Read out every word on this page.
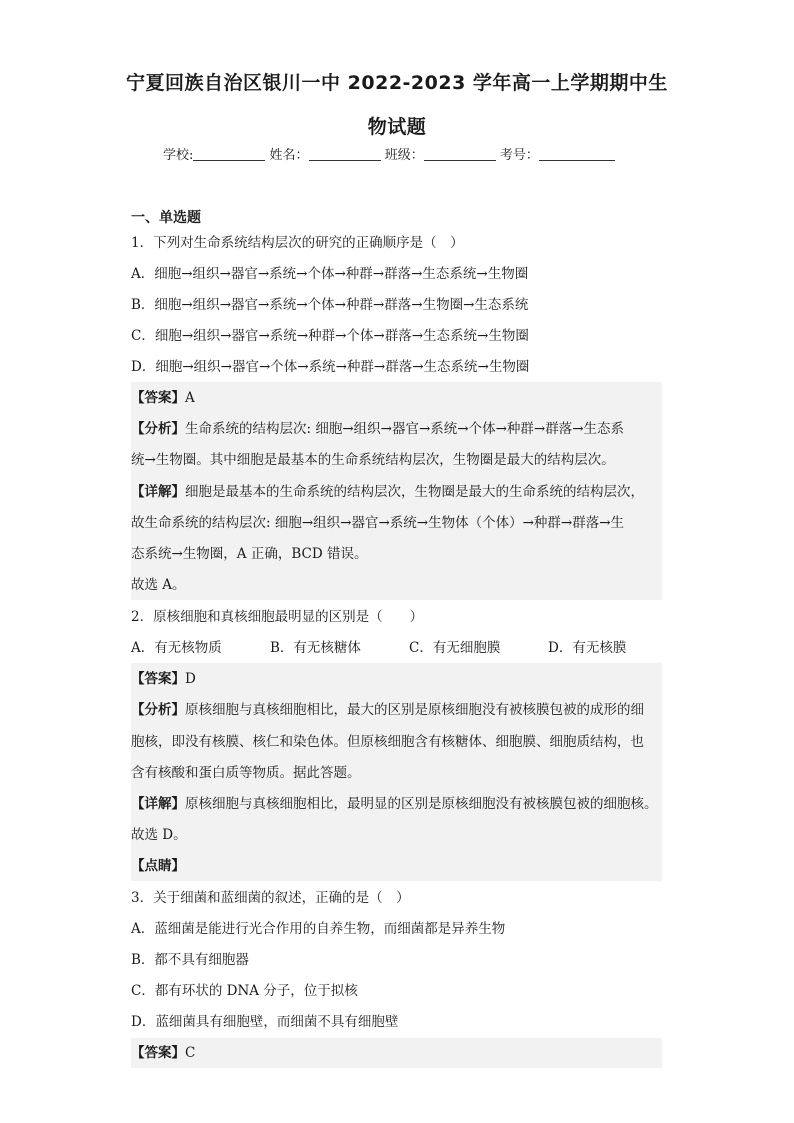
宁夏回族自治区银川一中 2022-2023 学年高一上学期期中生
物试题
学校:	姓名：	班级：	考号：
一、单选题
1．下列对生命系统结构层次的研究的正确顺序是（　）
A．细胞→组织→器官→系统→个体→种群→群落→生态系统→生物圈
B．细胞→组织→器官→系统→个体→种群→群落→生物圈→生态系统
C．细胞→组织→器官→系统→种群→个体→群落→生态系统→生物圈
D．细胞→组织→器官→个体→系统→种群→群落→生态系统→生物圈
【答案】A
【分析】生命系统的结构层次: 细胞→组织→器官→系统→个体→种群→群落→生态系
统→生物圈。其中细胞是最基本的生命系统结构层次，生物圈是最大的结构层次。
【详解】细胞是最基本的生命系统的结构层次，生物圈是最大的生命系统的结构层次，
故生命系统的结构层次: 细胞→组织→器官→系统→生物体（个体）→种群→群落→生
态系统→生物圈，A 正确，BCD 错误。
故选 A。
2．原核细胞和真核细胞最明显的区别是（　　）
A．有无核物质	B．有无核糖体	C．有无细胞膜	D．有无核膜
【答案】D
【分析】原核细胞与真核细胞相比，最大的区别是原核细胞没有被核膜包被的成形的细
胞核，即没有核膜、核仁和染色体。但原核细胞含有核糖体、细胞膜、细胞质结构，也
含有核酸和蛋白质等物质。据此答题。
【详解】原核细胞与真核细胞相比，最明显的区别是原核细胞没有被核膜包被的细胞核。
故选 D。
【点睛】
3．关于细菌和蓝细菌的叙述，正确的是（　）
A．蓝细菌是能进行光合作用的自养生物，而细菌都是异养生物
B．都不具有细胞器
C．都有环状的 DNA 分子，位于拟核
D．蓝细菌具有细胞壁，而细菌不具有细胞壁
【答案】C
